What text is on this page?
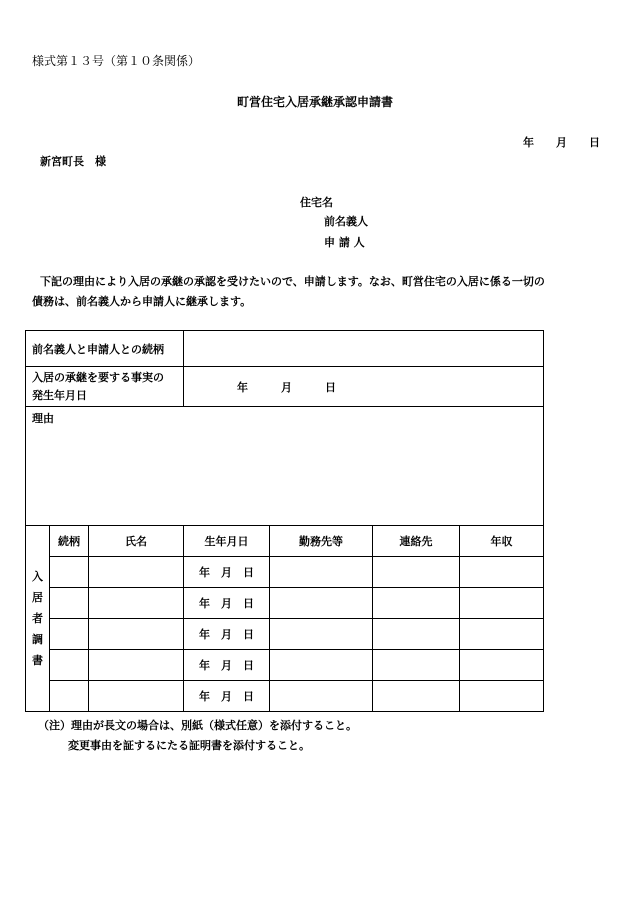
様式第１３号（第１０条関係）
町営住宅入居承継承認申請書
年　　月　　日
新宮町長　様
住宅名
前名義人
申 請 人
下記の理由により入居の承継の承認を受けたいので、申請します。なお、町営住宅の入居に係る一切の
債務は、前名義人から申請人に継承します。
前名義人と申請人との続柄						

入居の承継を要する事実の
発生年月日			年　　　月　　　日			
理由						

入
居
者
調
書	続柄	氏名	生年月日	勤務先等	連絡先	年収
			年　月　日			
			年　月　日			
			年　月　日			
			年　月　日			
			年　月　日			
（注）理由が長文の場合は、別紙（様式任意）を添付すること。
変更事由を証するにたる証明書を添付すること。
